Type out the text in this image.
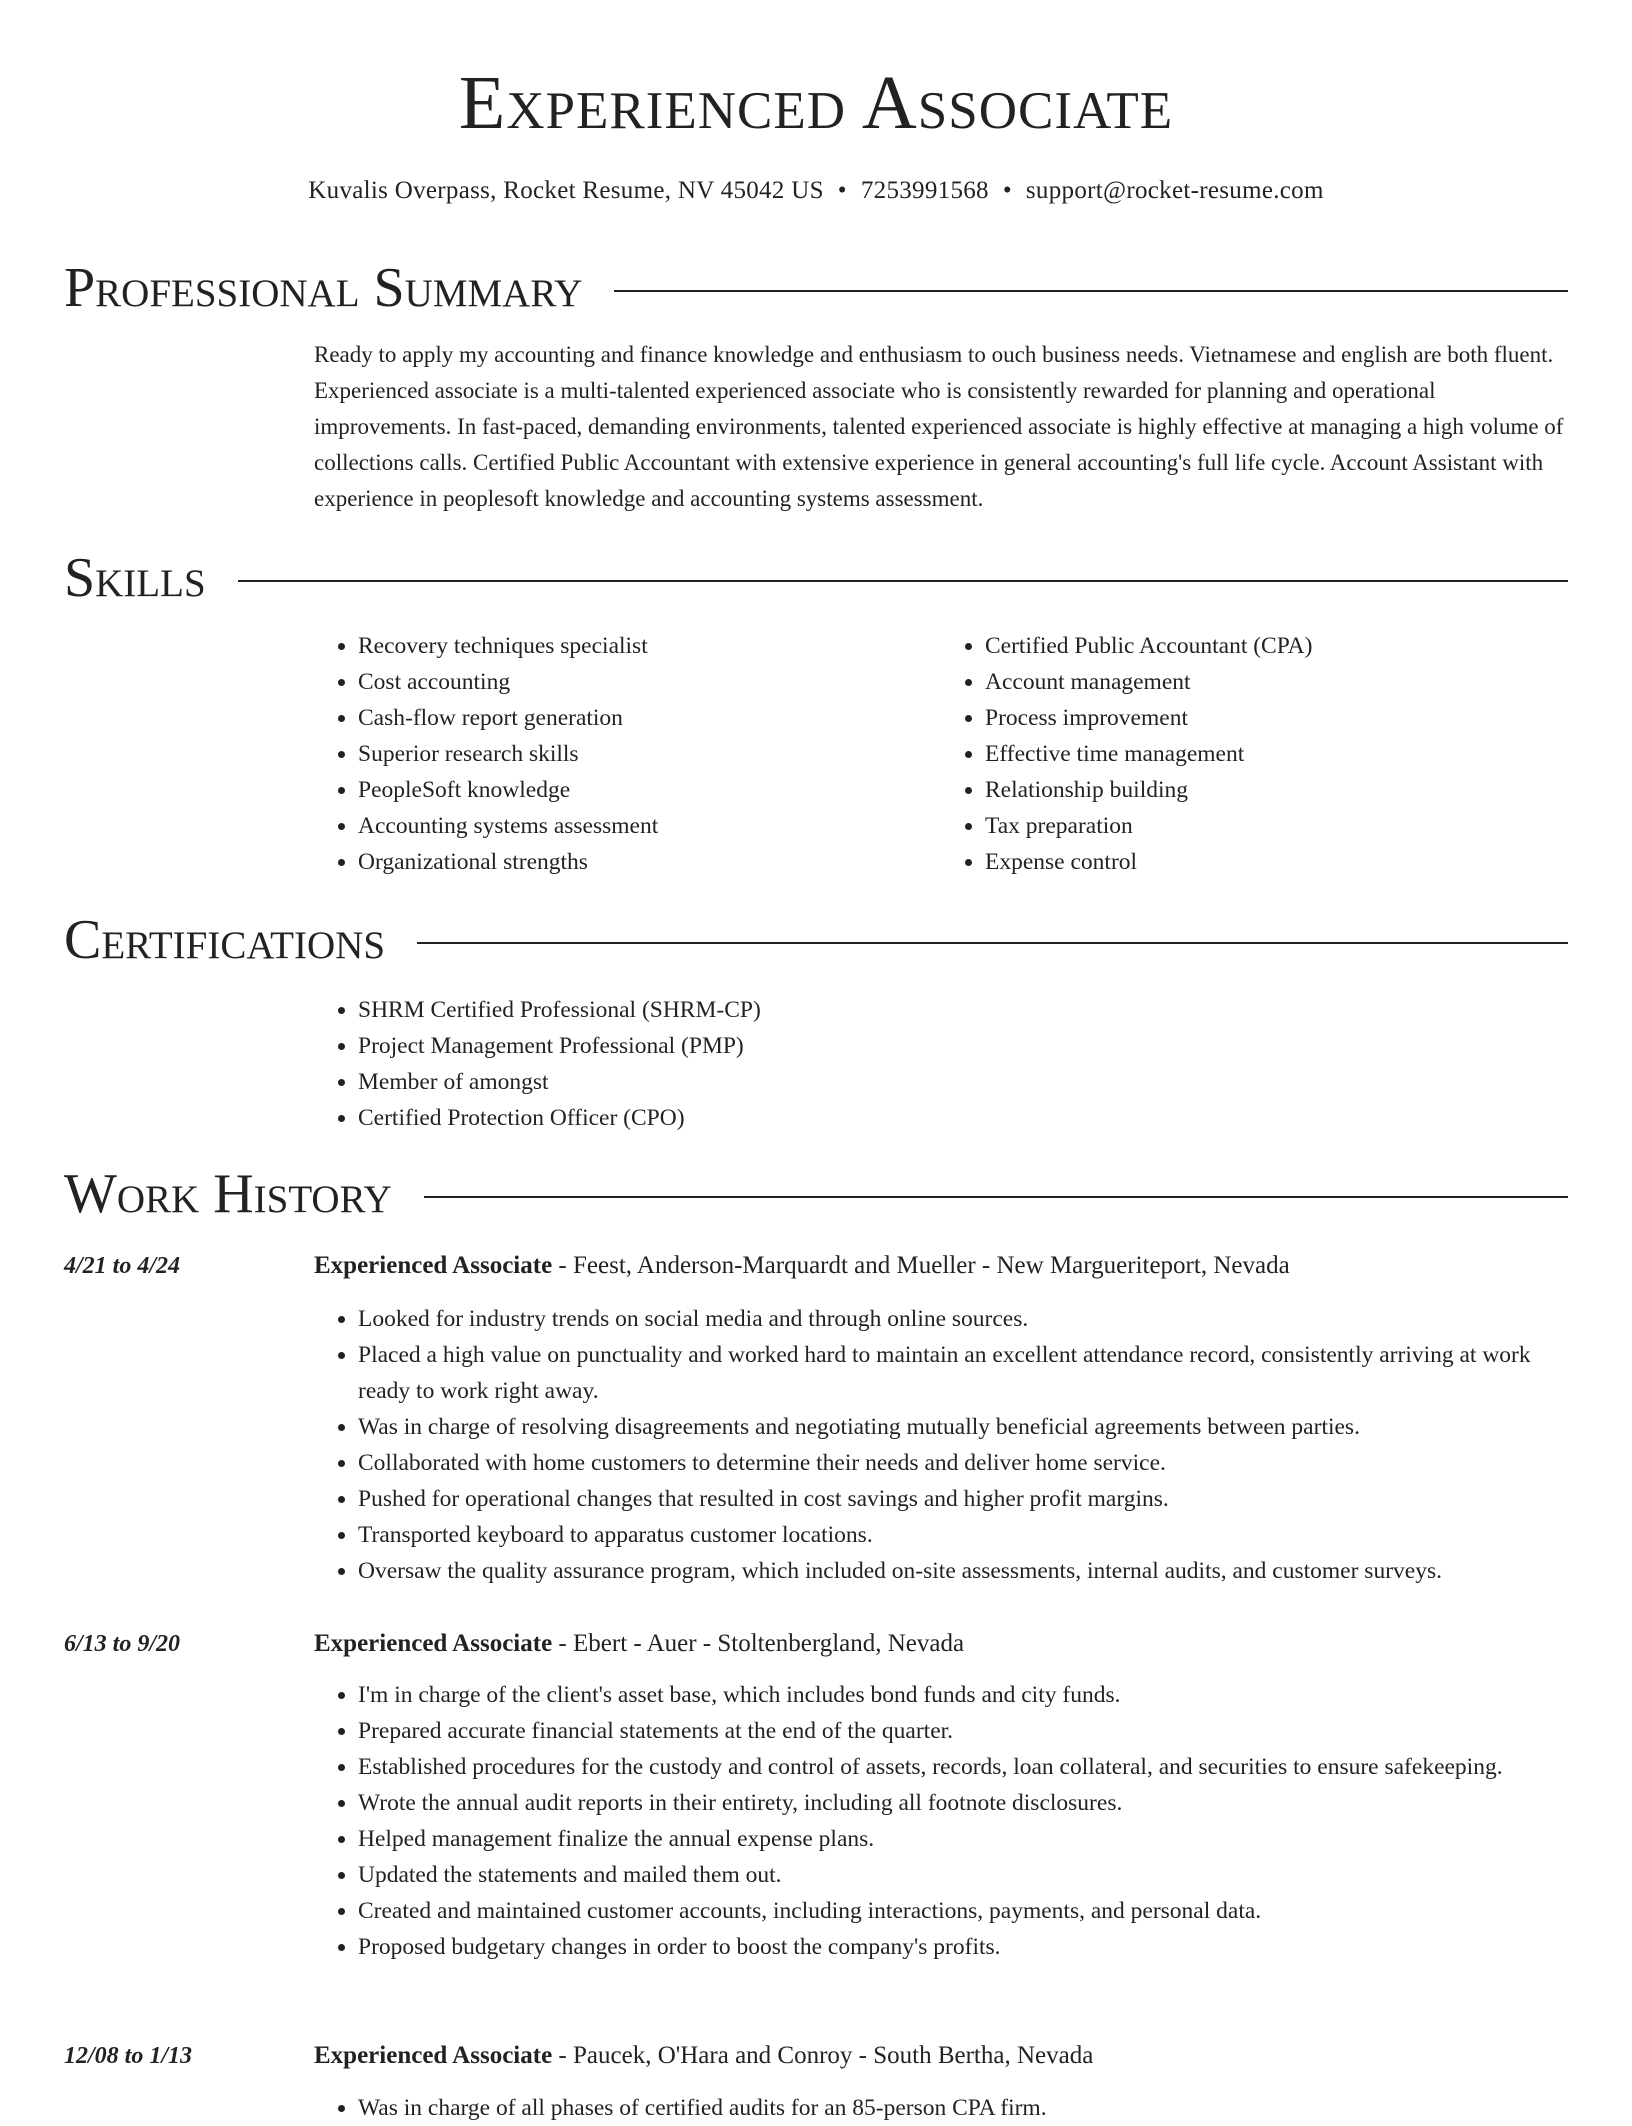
Experienced Associate
Kuvalis Overpass, Rocket Resume, NV 45042 US • 7253991568 • support@rocket-resume.com
Professional Summary
Ready to apply my accounting and finance knowledge and enthusiasm to ouch business needs. Vietnamese and english are both fluent. Experienced associate is a multi-talented experienced associate who is consistently rewarded for planning and operational improvements. In fast-paced, demanding environments, talented experienced associate is highly effective at managing a high volume of collections calls. Certified Public Accountant with extensive experience in general accounting's full life cycle. Account Assistant with experience in peoplesoft knowledge and accounting systems assessment.
Skills
• Recovery techniques specialist
• Cost accounting
• Cash-flow report generation
• Superior research skills
• PeopleSoft knowledge
• Accounting systems assessment
• Organizational strengths
• Certified Public Accountant (CPA)
• Account management
• Process improvement
• Effective time management
• Relationship building
• Tax preparation
• Expense control
Certifications
• SHRM Certified Professional (SHRM-CP)
• Project Management Professional (PMP)
• Member of amongst
• Certified Protection Officer (CPO)
Work History
4/21 to 4/24	Experienced Associate - Feest, Anderson-Marquardt and Mueller - New Margueriteport, Nevada
• Looked for industry trends on social media and through online sources.
• Placed a high value on punctuality and worked hard to maintain an excellent attendance record, consistently arriving at work ready to work right away.
• Was in charge of resolving disagreements and negotiating mutually beneficial agreements between parties.
• Collaborated with home customers to determine their needs and deliver home service.
• Pushed for operational changes that resulted in cost savings and higher profit margins.
• Transported keyboard to apparatus customer locations.
• Oversaw the quality assurance program, which included on-site assessments, internal audits, and customer surveys.
6/13 to 9/20	Experienced Associate - Ebert - Auer - Stoltenbergland, Nevada
• I'm in charge of the client's asset base, which includes bond funds and city funds.
• Prepared accurate financial statements at the end of the quarter.
• Established procedures for the custody and control of assets, records, loan collateral, and securities to ensure safekeeping.
• Wrote the annual audit reports in their entirety, including all footnote disclosures.
• Helped management finalize the annual expense plans.
• Updated the statements and mailed them out.
• Created and maintained customer accounts, including interactions, payments, and personal data.
• Proposed budgetary changes in order to boost the company's profits.
12/08 to 1/13	Experienced Associate - Paucek, O'Hara and Conroy - South Bertha, Nevada
• Was in charge of all phases of certified audits for an 85-person CPA firm.
